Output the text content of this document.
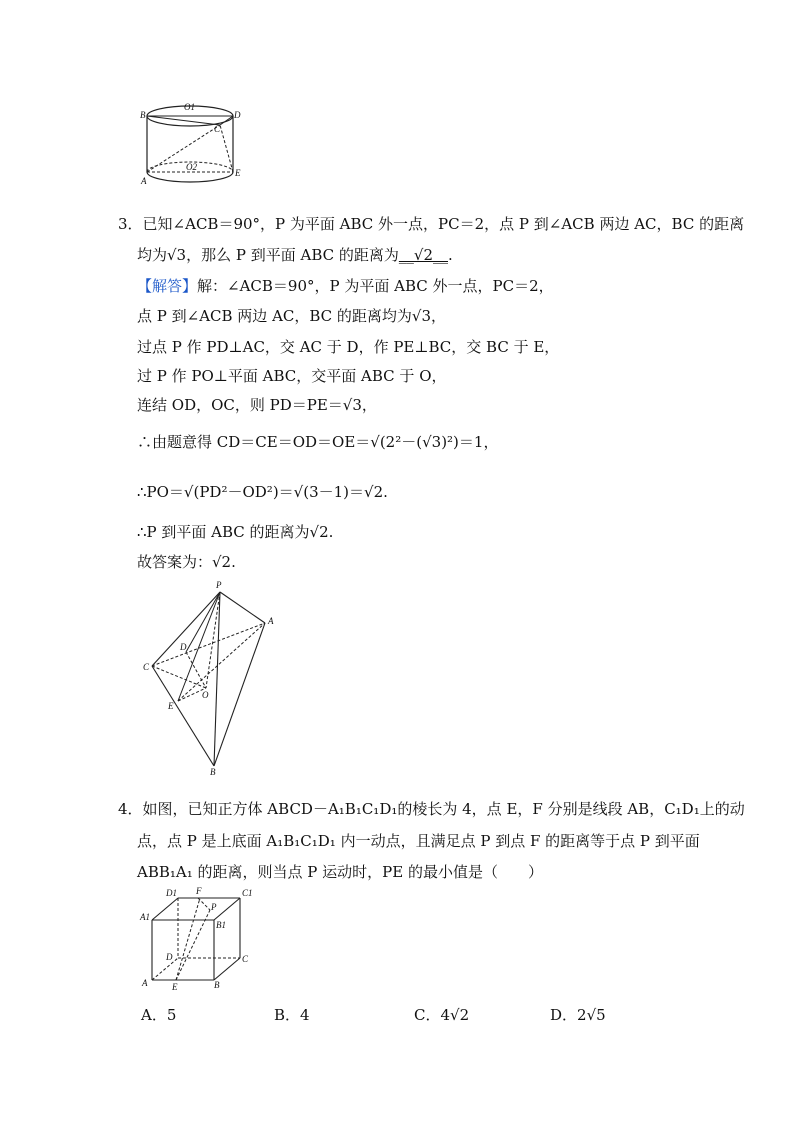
B
O1
D
C
A
O2
E
3．已知∠ACB＝90°，P 为平面 ABC 外一点，PC＝2，点 P 到∠ACB 两边 AC，BC 的距离
均为√3，那么 P 到平面 ABC 的距离为__√2__.
【解答】解：∠ACB＝90°，P 为平面 ABC 外一点，PC＝2，
点 P 到∠ACB 两边 AC，BC 的距离均为√3，
过点 P 作 PD⊥AC，交 AC 于 D，作 PE⊥BC，交 BC 于 E，
过 P 作 PO⊥平面 ABC，交平面 ABC 于 O，
连结 OD，OC，则 PD＝PE＝√3，
∴由题意得 CD＝CE＝OD＝OE＝√(2²－(√3)²)＝1，
∴PO＝√(PD²－OD²)＝√(3－1)＝√2.
∴P 到平面 ABC 的距离为√2.
故答案为：√2.
P
A
C
D
O
E
B
4．如图，已知正方体 ABCD－A₁B₁C₁D₁的棱长为 4，点 E，F 分别是线段 AB，C₁D₁上的动
点，点 P 是上底面 A₁B₁C₁D₁ 内一动点，且满足点 P 到点 F 的距离等于点 P 到平面
ABB₁A₁ 的距离，则当点 P 运动时，PE 的最小值是（　　）
D1 F	C1
A1
P
B1
D	C
A	E	B
A．5	B．4	C．4√2	D．2√5
